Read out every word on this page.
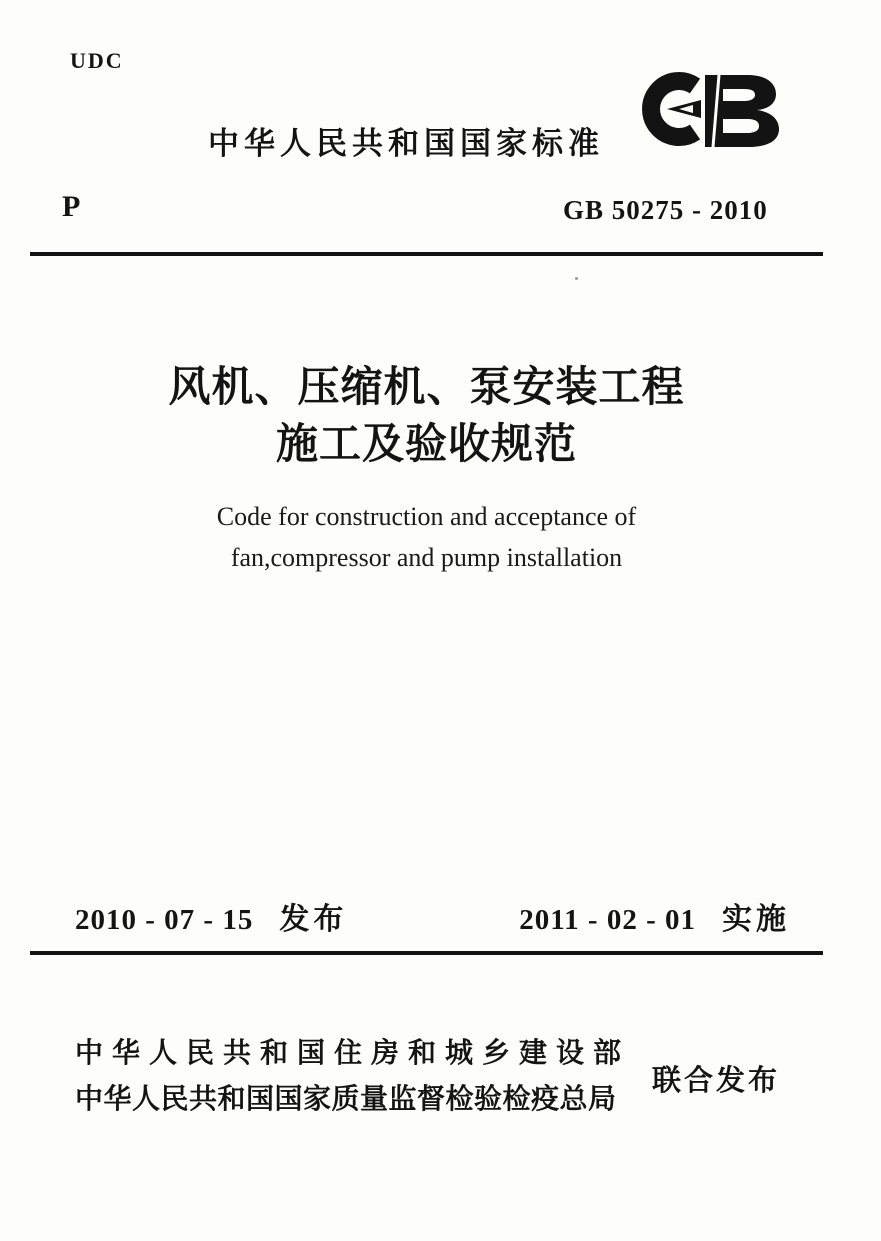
UDC
中华人民共和国国家标准
P	GB 50275 - 2010
风机、压缩机、泵安装工程
施工及验收规范
Code for construction and acceptance of
fan,compressor and pump installation
2010 - 07 - 15 发布	2011 - 02 - 01 实施
中华人民共和国住房和城乡建设部
中华人民共和国国家质量监督检验检疫总局
联合发布
